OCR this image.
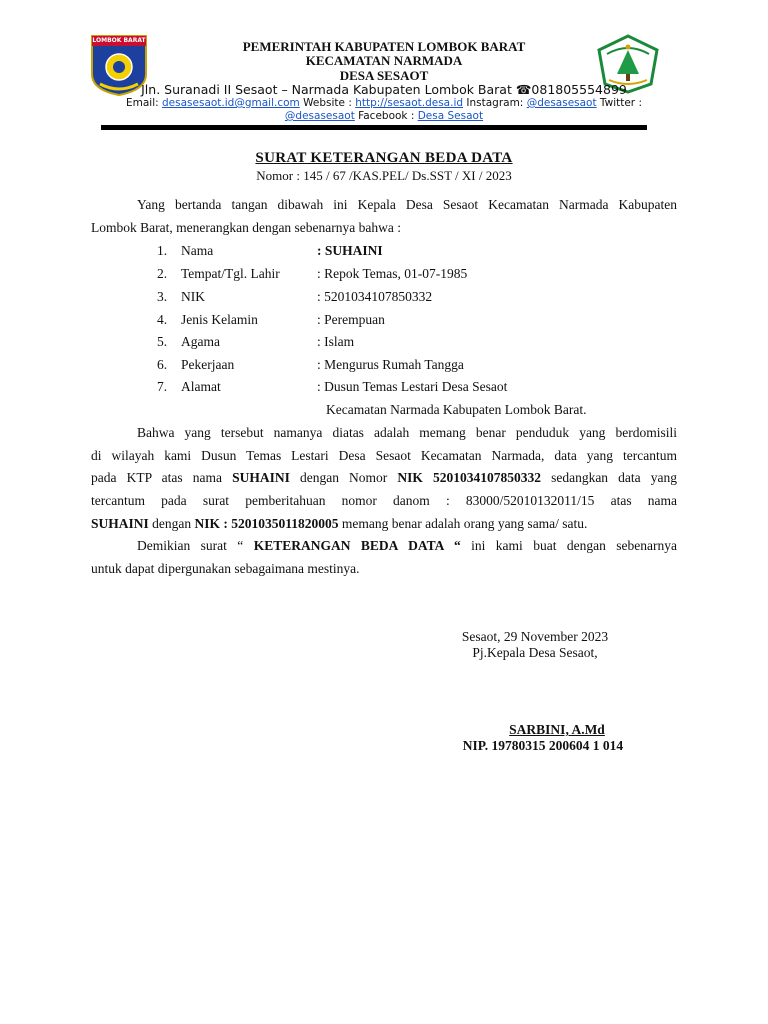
LOMBOK BARAT	PEMERINTAH KABUPATEN LOMBOK BARAT
KECAMATAN NARMADA
DESA SESAOT
Jln. Suranadi II Sesaot – Narmada Kabupaten Lombok Barat ☎081805554899
Email: desasesaot.id@gmail.com Website : http://sesaot.desa.id Instagram: @desasesaot Twitter :
@desasesaot Facebook : Desa Sesaot
SURAT KETERANGAN BEDA DATA
Nomor : 145 / 67 /KAS.PEL/ Ds.SST / XI / 2023
Yang bertanda tangan dibawah ini Kepala Desa Sesaot Kecamatan Narmada Kabupaten
Lombok Barat, menerangkan dengan sebenarnya bahwa :
1. Nama	: SUHAINI
2. Tempat/Tgl. Lahir	: Repok Temas, 01-07-1985
3. NIK	: 5201034107850332
4. Jenis Kelamin	: Perempuan
5. Agama	: Islam
6. Pekerjaan	: Mengurus Rumah Tangga
7. Alamat	: Dusun Temas Lestari Desa Sesaot
Kecamatan Narmada Kabupaten Lombok Barat.
Bahwa yang tersebut namanya diatas adalah memang benar penduduk yang berdomisili
di wilayah kami Dusun Temas Lestari Desa Sesaot Kecamatan Narmada, data yang tercantum
pada KTP atas nama SUHAINI dengan Nomor NIK 5201034107850332 sedangkan data yang
tercantum pada surat pemberitahuan nomor danom : 83000/52010132011/15 atas nama
SUHAINI dengan NIK : 5201035011820005 memang benar adalah orang yang sama/ satu.
Demikian surat “ KETERANGAN BEDA DATA “ ini kami buat dengan sebenarnya
untuk dapat dipergunakan sebagaimana mestinya.
Sesaot, 29 November 2023
Pj.Kepala Desa Sesaot,
SARBINI, A.Md
NIP. 19780315 200604 1 014
